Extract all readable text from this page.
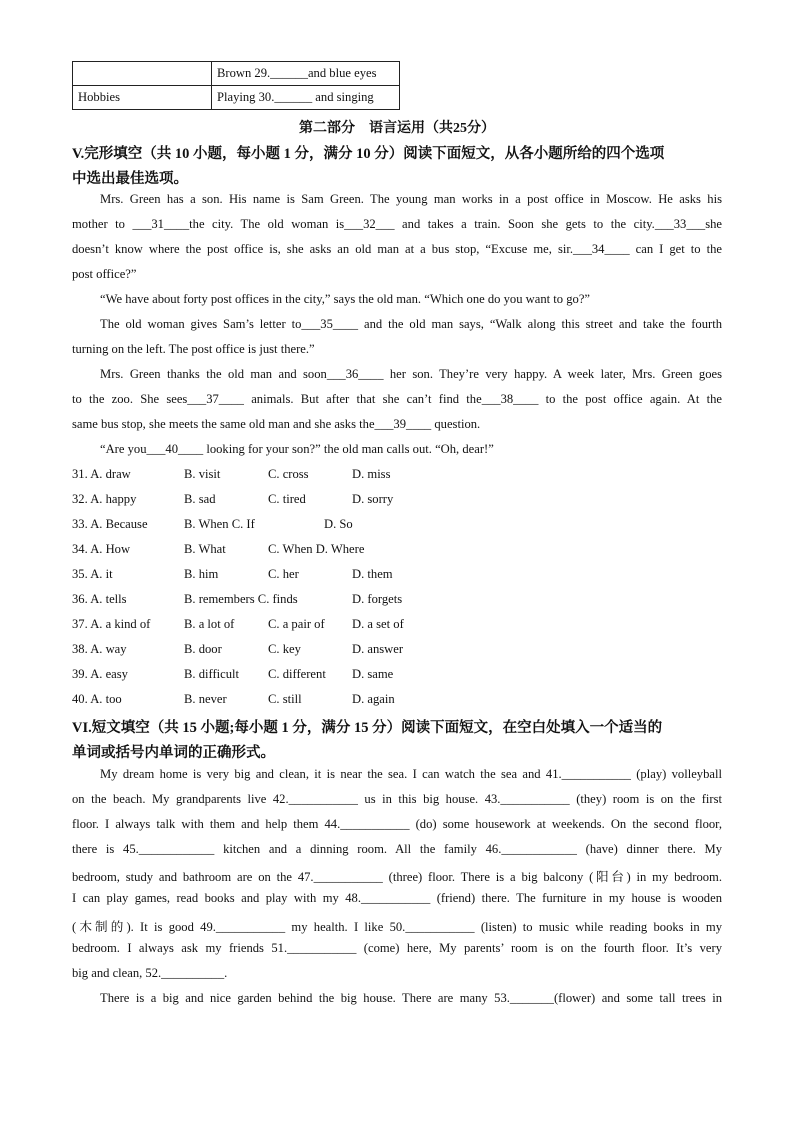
	Brown 29.______and blue eyes
Hobbies	Playing 30.______ and singing
第二部分　语言运用（共25分）
V.完形填空（共 10 小题，每小题 1 分，满分 10 分）阅读下面短文，从各小题所给的四个选项
中选出最佳选项。
Mrs. Green has a son. His name is Sam Green. The young man works in a post office in Moscow. He asks his
mother to ___31____the city. The old woman is___32___ and takes a train. Soon she gets to the city.___33___she
doesn’t know where the post office is, she asks an old man at a bus stop, “Excuse me, sir.___34____ can I get to the
post office?”
“We have about forty post offices in the city,” says the old man. “Which one do you want to go?”
The old woman gives Sam’s letter to___35____ and the old man says, “Walk along this street and take the fourth
turning on the left. The post office is just there.”
Mrs. Green thanks the old man and soon___36____ her son. They’re very happy. A week later, Mrs. Green goes
to the zoo. She sees___37____ animals. But after that she can’t find the___38____ to the post office again. At the
same bus stop, she meets the same old man and she asks the___39____ question.
“Are you___40____ looking for your son?” the old man calls out. “Oh, dear!”
31. A. draw	B. visit	C. cross	D. miss
32. A. happy	B. sad	C. tired	D. sorry
33. A. Because	B. When C. If	D. So
34. A. How	B. What	C. When D. Where
35. A. it	B. him	C. her	D. them
36. A. tells	B. remembers C. finds	D. forgets
37. A. a kind of	B. a lot of	C. a pair of D. a set of
38. A. way	B. door	C. key	D. answer
39. A. easy	B. difficult C. different D. same
40. A. too	B. never	C. still	D. again
VI.短文填空（共 15 小题;每小题 1 分，满分 15 分）阅读下面短文，在空白处填入一个适当的
单词或括号内单词的正确形式。
My dream home is very big and clean, it is near the sea. I can watch the sea and 41.___________ (play) volleyball
on the beach. My grandparents live 42.___________ us in this big house. 43.___________ (they) room is on the first
floor. I always talk with them and help them 44.___________ (do) some housework at weekends. On the second floor,
there is 45.____________ kitchen and a dinning room. All the family 46.____________ (have) dinner there. My
bedroom, study and bathroom are on the 47.___________ (three) floor. There is a big balcony (阳台) in my bedroom.
I can play games, read books and play with my 48.___________ (friend) there. The furniture in my house is wooden
(木制的). It is good 49.___________ my health. I like 50.___________ (listen) to music while reading books in my
bedroom. I always ask my friends 51.___________ (come) here, My parents’ room is on the fourth floor. It’s very
big and clean, 52.__________.
There is a big and nice garden behind the big house. There are many 53._______(flower) and some tall trees in
